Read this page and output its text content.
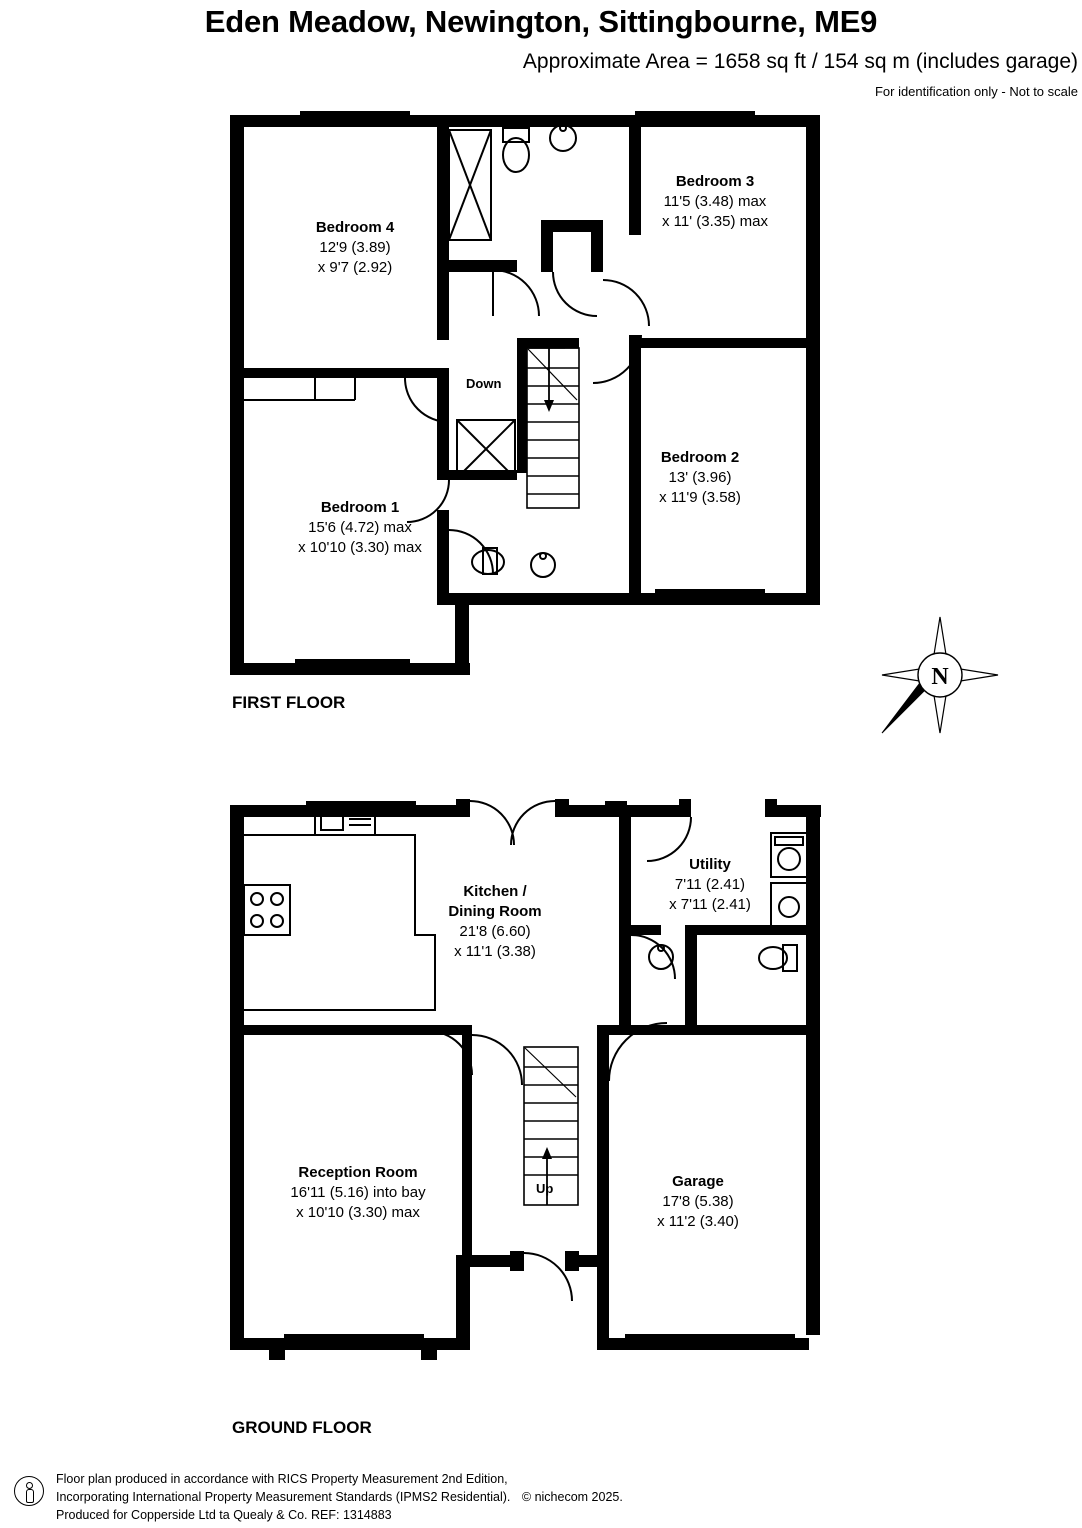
Eden Meadow, Newington, Sittingbourne, ME9
Approximate Area = 1658 sq ft / 154 sq m (includes garage)
For identification only - Not to scale
Bedroom 4
12'9 (3.89)
x 9'7 (2.92)
Bedroom 3
11'5 (3.48) max
x 11' (3.35) max
Bedroom 2
13' (3.96)
x 11'9 (3.58)
Bedroom 1
15'6 (4.72) max
x 10'10 (3.30) max
Down
FIRST FLOOR
N
Kitchen /
Dining Room
21'8 (6.60)
x 11'1 (3.38)
Utility
7'11 (2.41)
x 7'11 (2.41)
Reception Room
16'11 (5.16) into bay
x 10'10 (3.30) max
Garage
17'8 (5.38)
x 11'2 (3.40)
Up
GROUND FLOOR
Floor plan produced in accordance with RICS Property Measurement 2nd Edition,
Incorporating International Property Measurement Standards (IPMS2 Residential). © nichecom 2025.
Produced for Copperside Ltd ta Quealy & Co. REF: 1314883
